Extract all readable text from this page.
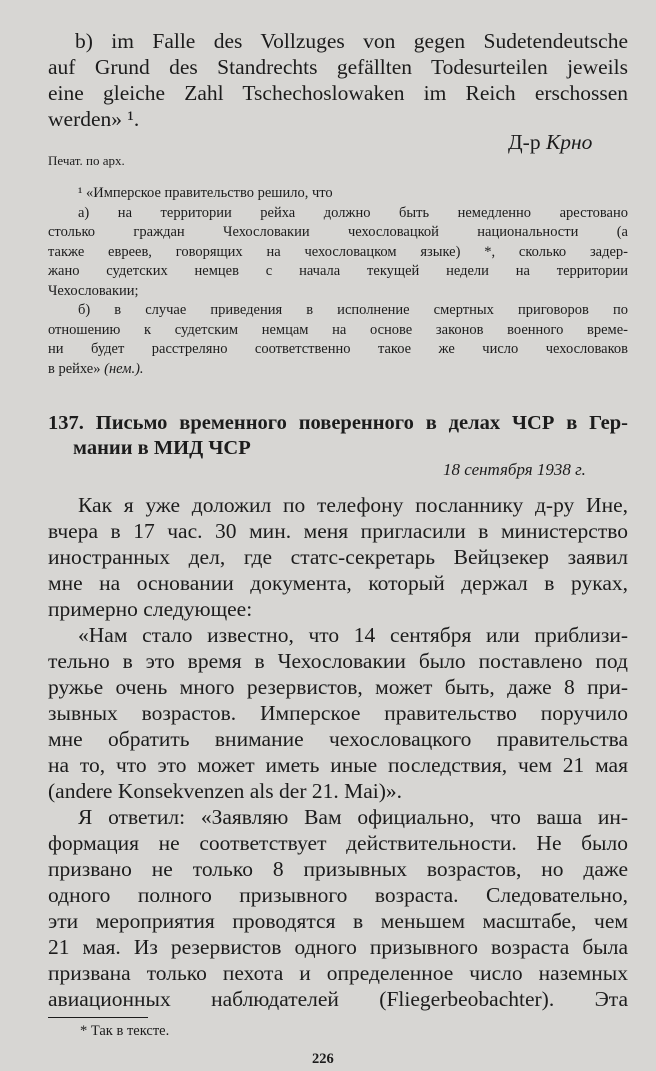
b) im Falle des Vollzuges von gegen Sudetendeutsche

auf Grund des Standrechts gefällten Todesurteilen jeweils

eine gleiche Zahl Tschechoslowaken im Reich erschossen

werden» ¹.

Д-р Крно

Печат. по арх.

¹ «Имперское правительство решило, что

а) на территории рейха должно быть немедленно арестовано

столько граждан Чехословакии чехословацкой национальности (а

также евреев, говорящих на чехословацком языке) *, сколько задер-

жано судетских немцев с начала текущей недели на территории

Чехословакии;

б) в случае приведения в исполнение смертных приговоров по

отношению к судетским немцам на основе законов военного време-

ни будет расстреляно соответственно такое же число чехословаков

в рейхе» (нем.).

137. Письмо временного поверенного в делах ЧСР в Гер-

мании в МИД ЧСР

18 сентября 1938 г.

Как я уже доложил по телефону посланнику д-ру Ине,

вчера в 17 час. 30 мин. меня пригласили в министерство

иностранных дел, где статс-секретарь Вейцзекер заявил

мне на основании документа, который держал в руках,

примерно следующее:

«Нам стало известно, что 14 сентября или приблизи-

тельно в это время в Чехословакии было поставлено под

ружье очень много резервистов, может быть, даже 8 при-

зывных возрастов. Имперское правительство поручило

мне обратить внимание чехословацкого правительства

на то, что это может иметь иные последствия, чем 21 мая

(andere Konsekvenzen als der 21. Mai)».

Я ответил: «Заявляю Вам официально, что ваша ин-

формация не соответствует действительности. Не было

призвано не только 8 призывных возрастов, но даже

одного полного призывного возраста. Следовательно,

эти мероприятия проводятся в меньшем масштабе, чем

21 мая. Из резервистов одного призывного возраста была

призвана только пехота и определенное число наземных

авиационных наблюдателей (Fliegerbeobachter). Эта

* Так в тексте.

226
